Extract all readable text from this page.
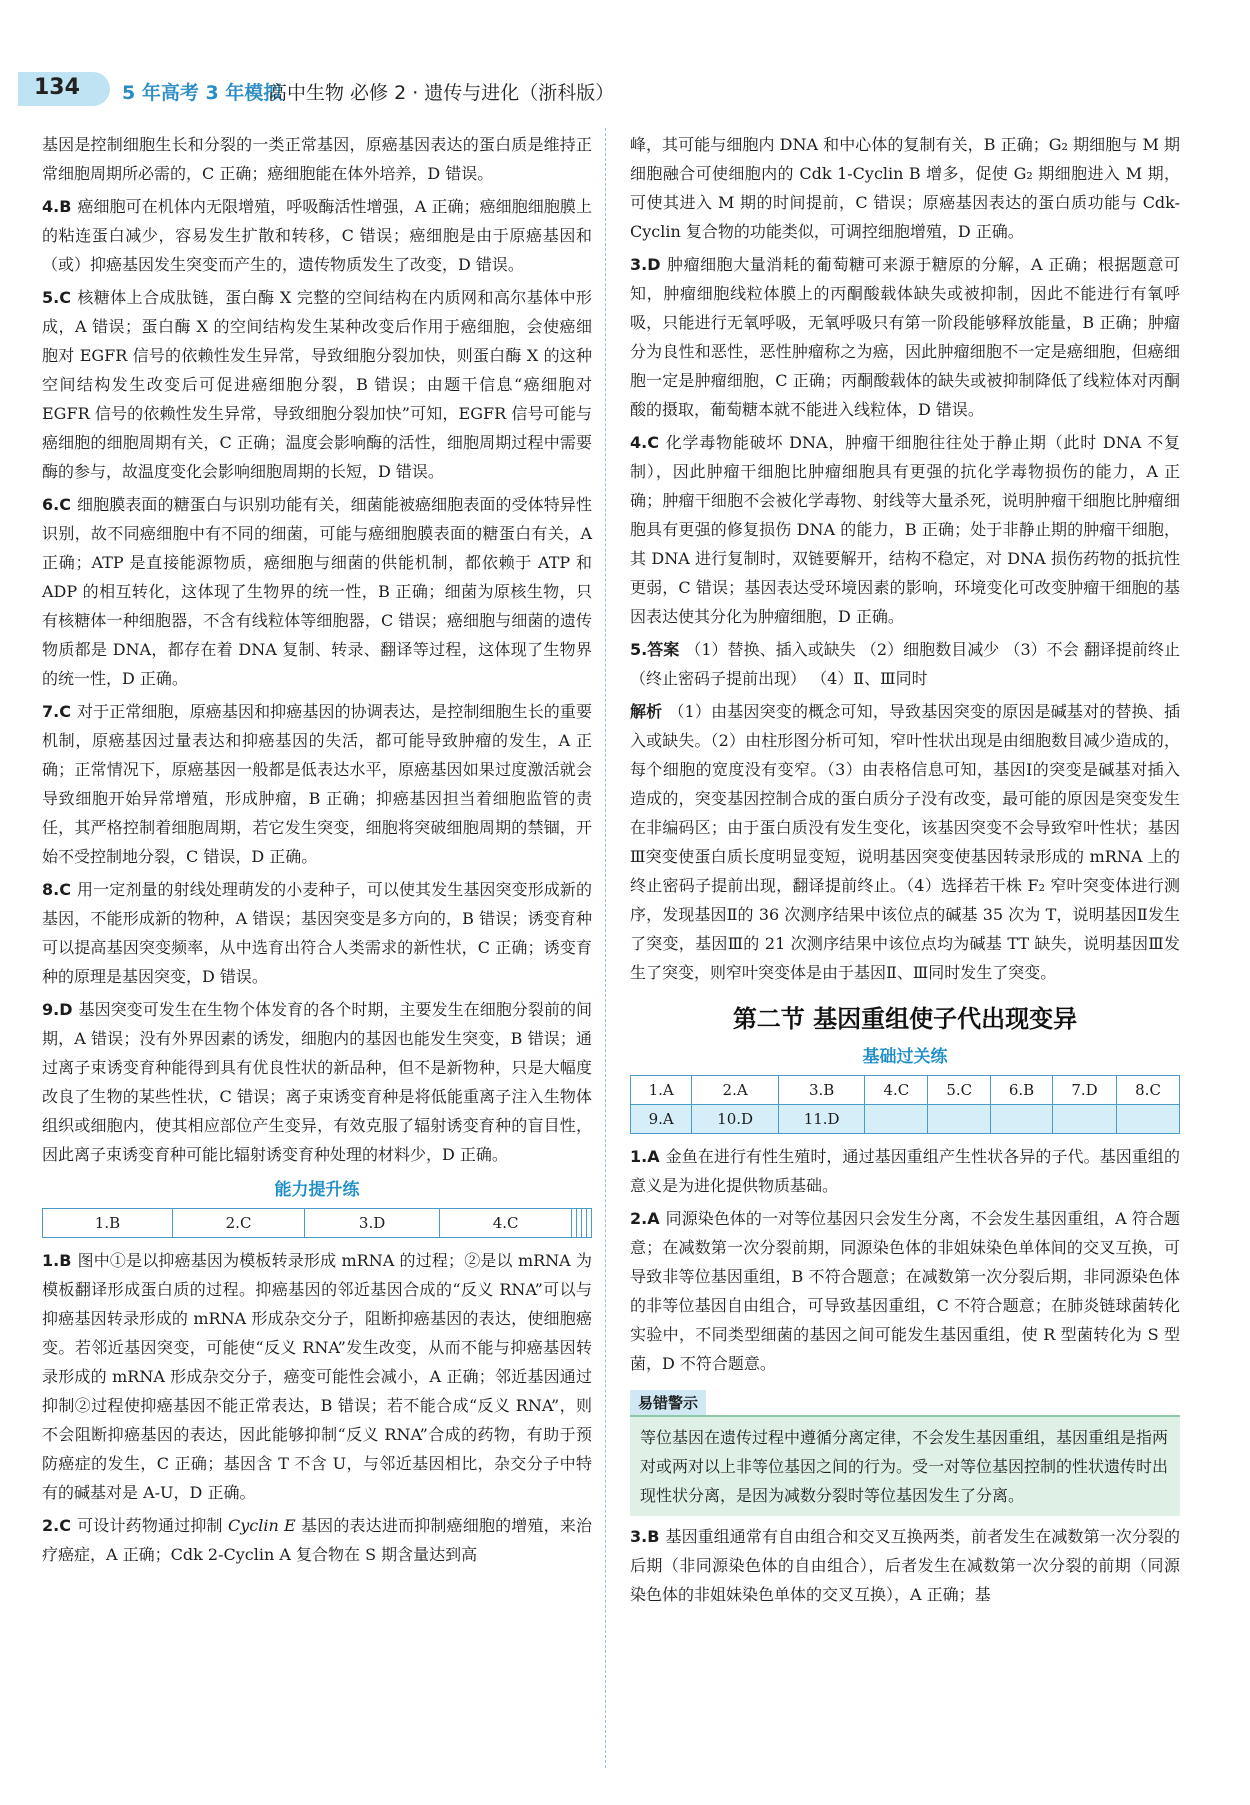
134 5 年高考 3 年模拟
高中生物 必修 2 · 遗传与进化（浙科版）

基因是控制细胞生长和分裂的一类正常基因，原癌基因表达的蛋白质是维持正常细胞周期所必需的，C 正确；癌细胞能在体外培养，D 错误。

4.B 癌细胞可在机体内无限增殖，呼吸酶活性增强，A 正确；癌细胞细胞膜上的粘连蛋白减少，容易发生扩散和转移，C 错误；癌细胞是由于原癌基因和（或）抑癌基因发生突变而产生的，遗传物质发生了改变，D 错误。

5.C 核糖体上合成肽链，蛋白酶 X 完整的空间结构在内质网和高尔基体中形成，A 错误；蛋白酶 X 的空间结构发生某种改变后作用于癌细胞，会使癌细胞对 EGFR 信号的依赖性发生异常，导致细胞分裂加快，则蛋白酶 X 的这种空间结构发生改变后可促进癌细胞分裂，B 错误；由题干信息“癌细胞对 EGFR 信号的依赖性发生异常，导致细胞分裂加快”可知，EGFR 信号可能与癌细胞的细胞周期有关，C 正确；温度会影响酶的活性，细胞周期过程中需要酶的参与，故温度变化会影响细胞周期的长短，D 错误。

6.C 细胞膜表面的糖蛋白与识别功能有关，细菌能被癌细胞表面的受体特异性识别，故不同癌细胞中有不同的细菌，可能与癌细胞膜表面的糖蛋白有关，A 正确；ATP 是直接能源物质，癌细胞与细菌的供能机制，都依赖于 ATP 和 ADP 的相互转化，这体现了生物界的统一性，B 正确；细菌为原核生物，只有核糖体一种细胞器，不含有线粒体等细胞器，C 错误；癌细胞与细菌的遗传物质都是 DNA，都存在着 DNA 复制、转录、翻译等过程，这体现了生物界的统一性，D 正确。

7.C 对于正常细胞，原癌基因和抑癌基因的协调表达，是控制细胞生长的重要机制，原癌基因过量表达和抑癌基因的失活，都可能导致肿瘤的发生，A 正确；正常情况下，原癌基因一般都是低表达水平，原癌基因如果过度激活就会导致细胞开始异常增殖，形成肿瘤，B 正确；抑癌基因担当着细胞监管的责任，其严格控制着细胞周期，若它发生突变，细胞将突破细胞周期的禁锢，开始不受控制地分裂，C 错误，D 正确。

8.C 用一定剂量的射线处理萌发的小麦种子，可以使其发生基因突变形成新的基因，不能形成新的物种，A 错误；基因突变是多方向的，B 错误；诱变育种可以提高基因突变频率，从中选育出符合人类需求的新性状，C 正确；诱变育种的原理是基因突变，D 错误。

9.D 基因突变可发生在生物个体发育的各个时期，主要发生在细胞分裂前的间期，A 错误；没有外界因素的诱发，细胞内的基因也能发生突变，B 错误；通过离子束诱变育种能得到具有优良性状的新品种，但不是新物种，只是大幅度改良了生物的某些性状，C 错误；离子束诱变育种是将低能重离子注入生物体组织或细胞内，使其相应部位产生变异，有效克服了辐射诱变育种的盲目性，因此离子束诱变育种可能比辐射诱变育种处理的材料少，D 正确。

能力提升练
1.B	2.C	3.D	4.C				

1.B 图中①是以抑癌基因为模板转录形成 mRNA 的过程；②是以 mRNA 为模板翻译形成蛋白质的过程。抑癌基因的邻近基因合成的“反义 RNA”可以与抑癌基因转录形成的 mRNA 形成杂交分子，阻断抑癌基因的表达，使细胞癌变。若邻近基因突变，可能使“反义 RNA”发生改变，从而不能与抑癌基因转录形成的 mRNA 形成杂交分子，癌变可能性会减小，A 正确；邻近基因通过抑制②过程使抑癌基因不能正常表达，B 错误；若不能合成“反义 RNA”，则不会阻断抑癌基因的表达，因此能够抑制“反义 RNA”合成的药物，有助于预防癌症的发生，C 正确；基因含 T 不含 U，与邻近基因相比，杂交分子中特有的碱基对是 A-U，D 正确。

2.C 可设计药物通过抑制 Cyclin E 基因的表达进而抑制癌细胞的增殖，来治疗癌症，A 正确；Cdk 2-Cyclin A 复合物在 S 期含量达到高

峰，其可能与细胞内 DNA 和中心体的复制有关，B 正确；G₂ 期细胞与 M 期细胞融合可使细胞内的 Cdk 1-Cyclin B 增多，促使 G₂ 期细胞进入 M 期，可使其进入 M 期的时间提前，C 错误；原癌基因表达的蛋白质功能与 Cdk-Cyclin 复合物的功能类似，可调控细胞增殖，D 正确。

3.D 肿瘤细胞大量消耗的葡萄糖可来源于糖原的分解，A 正确；根据题意可知，肿瘤细胞线粒体膜上的丙酮酸载体缺失或被抑制，因此不能进行有氧呼吸，只能进行无氧呼吸，无氧呼吸只有第一阶段能够释放能量，B 正确；肿瘤分为良性和恶性，恶性肿瘤称之为癌，因此肿瘤细胞不一定是癌细胞，但癌细胞一定是肿瘤细胞，C 正确；丙酮酸载体的缺失或被抑制降低了线粒体对丙酮酸的摄取，葡萄糖本就不能进入线粒体，D 错误。

4.C 化学毒物能破坏 DNA，肿瘤干细胞往往处于静止期（此时 DNA 不复制），因此肿瘤干细胞比肿瘤细胞具有更强的抗化学毒物损伤的能力，A 正确；肿瘤干细胞不会被化学毒物、射线等大量杀死，说明肿瘤干细胞比肿瘤细胞具有更强的修复损伤 DNA 的能力，B 正确；处于非静止期的肿瘤干细胞，其 DNA 进行复制时，双链要解开，结构不稳定，对 DNA 损伤药物的抵抗性更弱，C 错误；基因表达受环境因素的影响，环境变化可改变肿瘤干细胞的基因表达使其分化为肿瘤细胞，D 正确。

5.答案 （1）替换、插入或缺失 （2）细胞数目减少 （3）不会 翻译提前终止（终止密码子提前出现） （4）Ⅱ、Ⅲ同时

解析 （1）由基因突变的概念可知，导致基因突变的原因是碱基对的替换、插入或缺失。（2）由柱形图分析可知，窄叶性状出现是由细胞数目减少造成的，每个细胞的宽度没有变窄。（3）由表格信息可知，基因Ⅰ的突变是碱基对插入造成的，突变基因控制合成的蛋白质分子没有改变，最可能的原因是突变发生在非编码区；由于蛋白质没有发生变化，该基因突变不会导致窄叶性状；基因Ⅲ突变使蛋白质长度明显变短，说明基因突变使基因转录形成的 mRNA 上的终止密码子提前出现，翻译提前终止。（4）选择若干株 F₂ 窄叶突变体进行测序，发现基因Ⅱ的 36 次测序结果中该位点的碱基 35 次为 T，说明基因Ⅱ发生了突变，基因Ⅲ的 21 次测序结果中该位点均为碱基 TT 缺失，说明基因Ⅲ发生了突变，则窄叶突变体是由于基因Ⅱ、Ⅲ同时发生了突变。

第二节 基因重组使子代出现变异
基础过关练
1.A	2.A	3.B	4.C	5.C	6.B	7.D	8.C
9.A	10.D	11.D					

1.A 金鱼在进行有性生殖时，通过基因重组产生性状各异的子代。基因重组的意义是为进化提供物质基础。

2.A 同源染色体的一对等位基因只会发生分离，不会发生基因重组，A 符合题意；在减数第一次分裂前期，同源染色体的非姐妹染色单体间的交叉互换，可导致非等位基因重组，B 不符合题意；在减数第一次分裂后期，非同源染色体的非等位基因自由组合，可导致基因重组，C 不符合题意；在肺炎链球菌转化实验中，不同类型细菌的基因之间可能发生基因重组，使 R 型菌转化为 S 型菌，D 不符合题意。

易错警示
等位基因在遗传过程中遵循分离定律，不会发生基因重组，基因重组是指两对或两对以上非等位基因之间的行为。受一对等位基因控制的性状遗传时出现性状分离，是因为减数分裂时等位基因发生了分离。

3.B 基因重组通常有自由组合和交叉互换两类，前者发生在减数第一次分裂的后期（非同源染色体的自由组合），后者发生在减数第一次分裂的前期（同源染色体的非姐妹染色单体的交叉互换），A 正确；基
